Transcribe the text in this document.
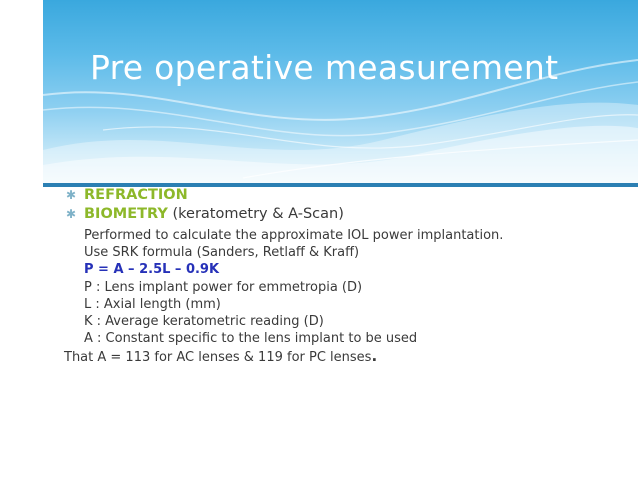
Pre operative measurement
✱ REFRACTION
✱ BIOMETRY (keratometry & A-Scan)
Performed to calculate the approximate IOL power implantation.
Use SRK formula (Sanders, Retlaff & Kraff)
P = A – 2.5L – 0.9K
P : Lens implant power for emmetropia (D)
L : Axial length (mm)
K : Average keratometric reading (D)
A : Constant specific to the lens implant to be used
That A = 113 for AC lenses & 119 for PC lenses.
